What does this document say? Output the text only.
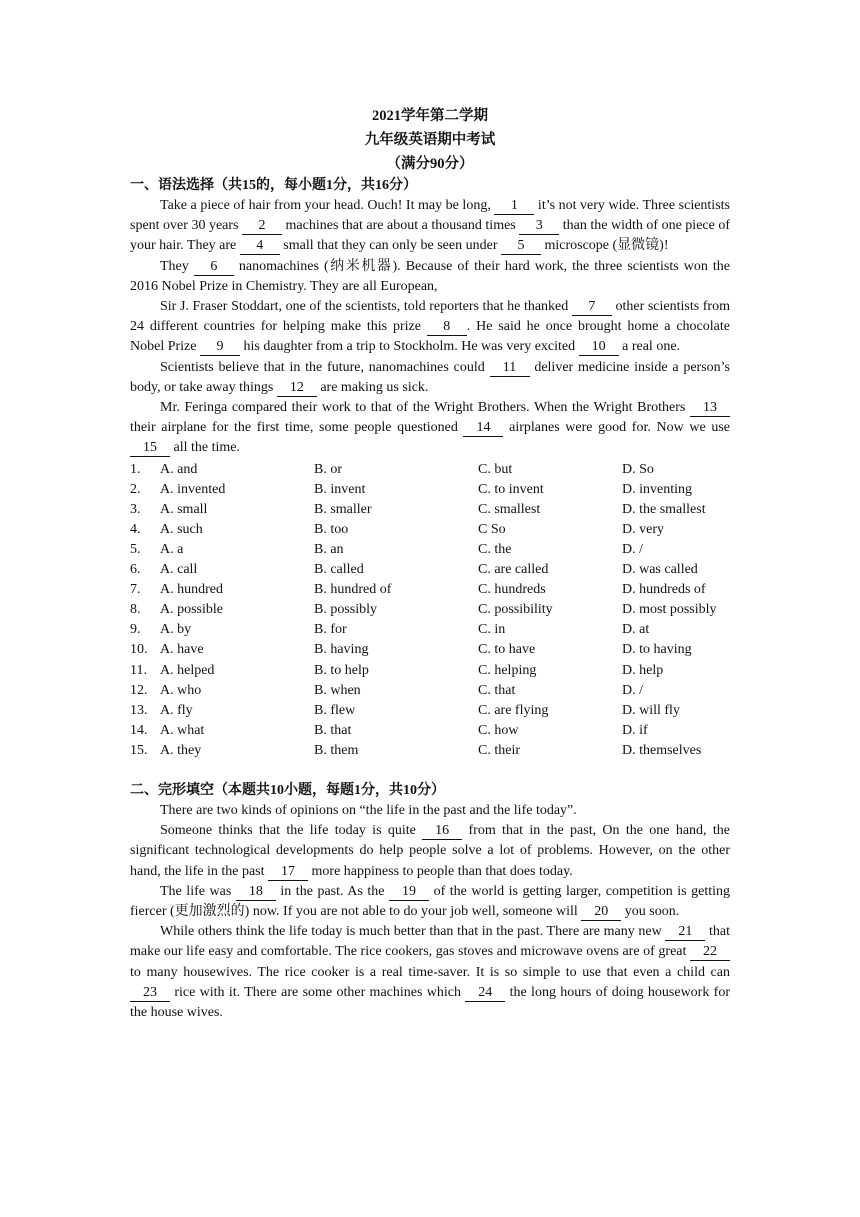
2021学年第二学期
九年级英语期中考试
（满分90分）
一、语法选择（共15的，每小题1分，共16分）

Take a piece of hair from your head. Ouch! It may be long, 1 it’s not very wide. Three scientists spent over 30 years 2 machines that are about a thousand times 3 than the width of one piece of your hair. They are 4 small that they can only be seen under 5 microscope (显微镜)!

They 6 nanomachines (纳米机器). Because of their hard work, the three scientists won the 2016 Nobel Prize in Chemistry. They are all European,

Sir J. Fraser Stoddart, one of the scientists, told reporters that he thanked 7 other scientists from 24 different countries for helping make this prize 8 . He said he once brought home a chocolate Nobel Prize 9 his daughter from a trip to Stockholm. He was very excited 10 a real one.

Scientists believe that in the future, nanomachines could 11 deliver medicine inside a person’s body, or take away things 12 are making us sick.

Mr. Feringa compared their work to that of the Wright Brothers. When the Wright Brothers 13 their airplane for the first time, some people questioned 14 airplanes were good for. Now we use 15 all the time.

1.	A. and	B. or	C. but	D. So
2.	A. invented	B. invent	C. to invent	D. inventing
3.	A. small	B. smaller	C. smallest	D. the smallest
4.	A. such	B. too	C So	D. very
5.	A. a	B. an	C. the	D. /
6.	A. call	B. called	C. are called	D. was called
7.	A. hundred	B. hundred of	C. hundreds	D. hundreds of
8.	A. possible	B. possibly	C. possibility	D. most possibly
9.	A. by	B. for	C. in	D. at
10. A. have	B. having	C. to have	D. to having
11. A. helped	B. to help	C. helping	D. help
12. A. who	B. when	C. that	D. /
13. A. fly	B. flew	C. are flying	D. will fly
14. A. what	B. that	C. how	D. if
15. A. they	B. them	C. their	D. themselves
二、完形填空（本题共10小题，每题1分，共10分）

There are two kinds of opinions on “the life in the past and the life today”.

Someone thinks that the life today is quite 16 from that in the past, On the one hand, the significant technological developments do help people solve a lot of problems. However, on the other hand, the life in the past 17 more happiness to people than that does today.

The life was 18 in the past. As the 19 of the world is getting larger, competition is getting fiercer (更加激烈的) now. If you are not able to do your job well, someone will 20 you soon.

While others think the life today is much better than that in the past. There are many new 21 that make our life easy and comfortable. The rice cookers, gas stoves and microwave ovens are of great 22 to many housewives. The rice cooker is a real time-saver. It is so simple to use that even a child can 23 rice with it. There are some other machines which 24 the long hours of doing housework for the house wives.
